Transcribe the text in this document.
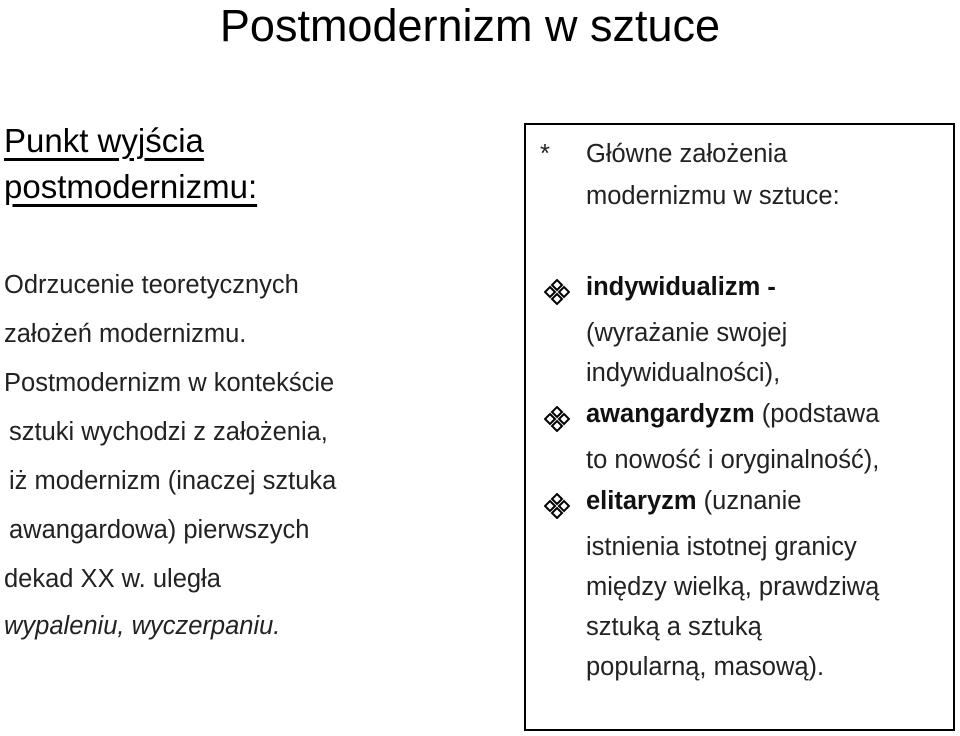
Postmodernizm w sztuce
Punkt wyjścia
postmodernizmu:
Odrzucenie teoretycznych
założeń modernizmu.
Postmodernizm w kontekście
sztuki wychodzi z założenia,
iż modernizm (inaczej sztuka
awangardowa) pierwszych
dekad XX w. uległa
wypaleniu, wyczerpaniu.
* Główne założenia
modernizmu w sztuce:
indywidualizm -
(wyrażanie swojej
indywidualności),
awangardyzm (podstawa
to nowość i oryginalność),
elitaryzm (uznanie
istnienia istotnej granicy
między wielką, prawdziwą
sztuką a sztuką
popularną, masową).
